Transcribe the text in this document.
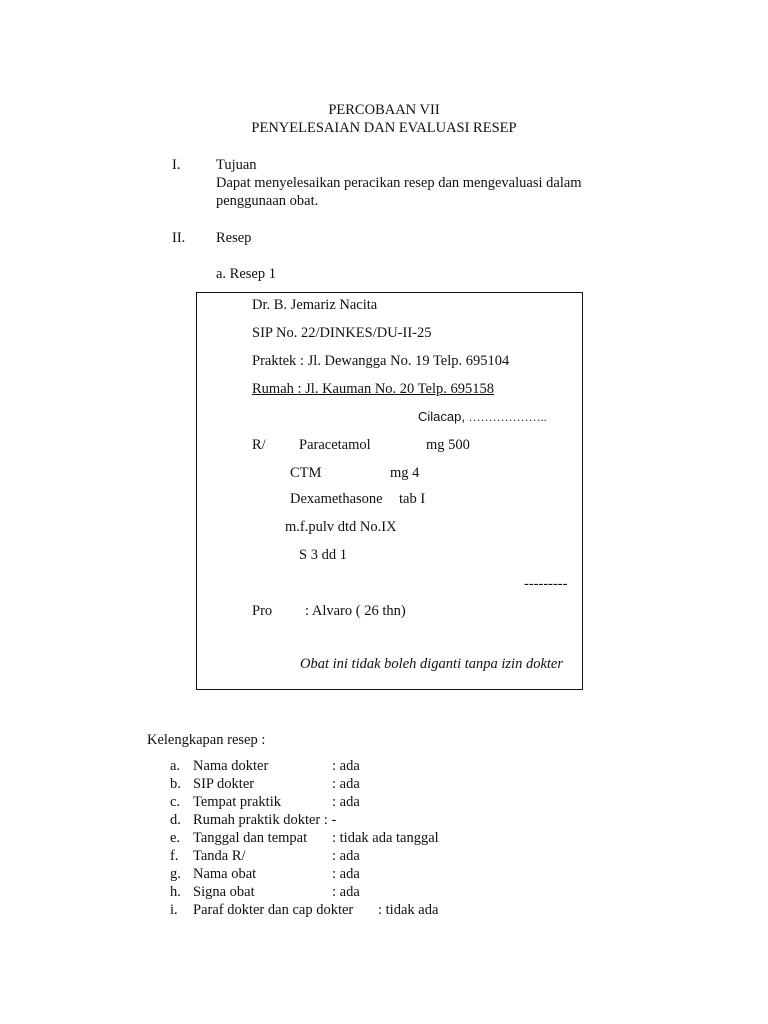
PERCOBAAN VII
PENYELESAIAN DAN EVALUASI RESEP
I. Tujuan
Dapat menyelesaikan peracikan resep dan mengevaluasi dalam
penggunaan obat.
II. Resep
a. Resep 1
Dr. B. Jemariz Nacita
SIP No. 22/DINKES/DU-II-25
Praktek : Jl. Dewangga No. 19 Telp. 695104
Rumah : Jl. Kauman No. 20 Telp. 695158
Cilacap, ………………..
R/ Paracetamol	mg 500
CTM	mg 4
Dexamethasone tab I
m.f.pulv dtd No.IX
S 3 dd 1
---------
Pro : Alvaro ( 26 thn)
Obat ini tidak boleh diganti tanpa izin dokter
Kelengkapan resep :
a. Nama dokter	: ada
b. SIP dokter	: ada
c. Tempat praktik	: ada
d. Rumah praktik dokter : -
e. Tanggal dan tempat : tidak ada tanggal
f. Tanda R/	: ada
g. Nama obat	: ada
h. Signa obat	: ada
i. Paraf dokter dan cap dokter : tidak ada
